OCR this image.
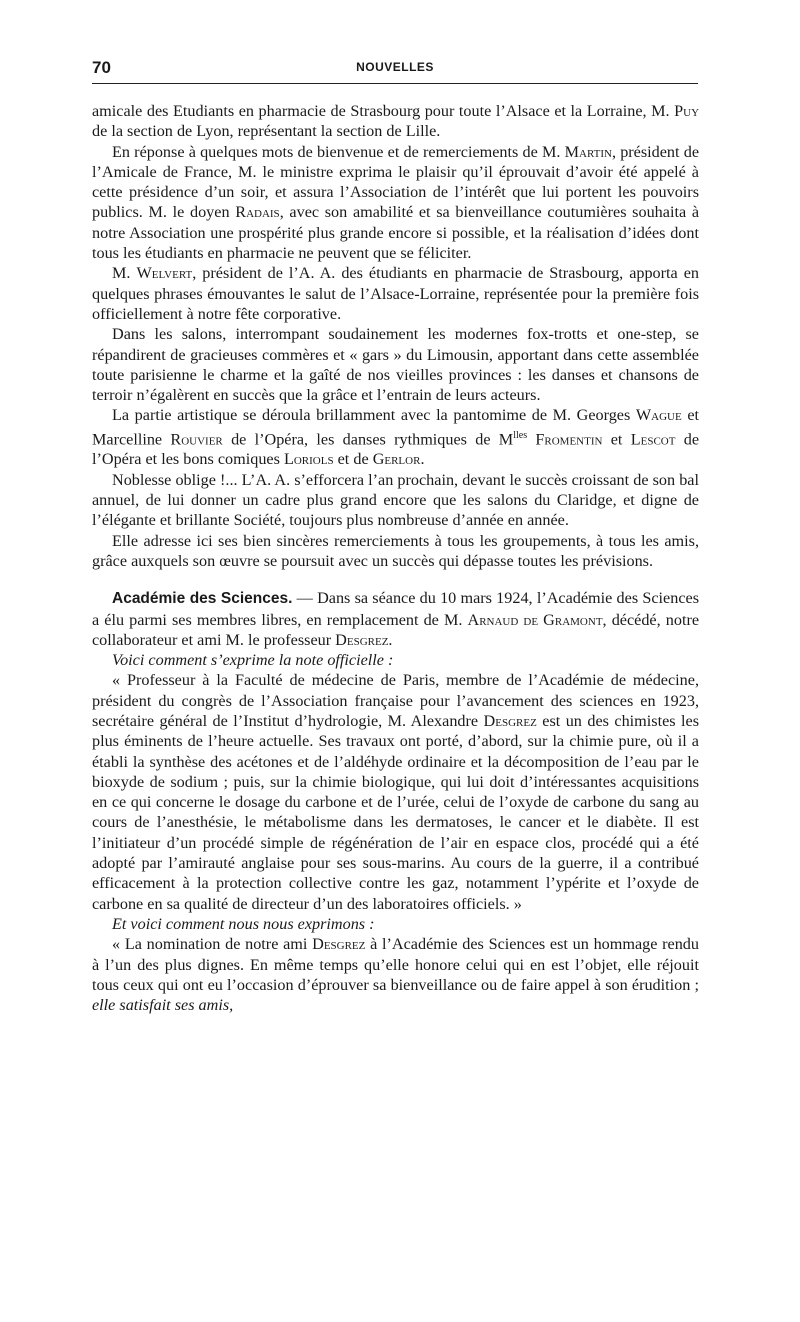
70	NOUVELLES

amicale des Etudiants en pharmacie de Strasbourg pour toute l’Alsace et la Lorraine, M. Puy de la section de Lyon, représentant la section de Lille.

En réponse à quelques mots de bienvenue et de remerciements de M. Martin, président de l’Amicale de France, M. le ministre exprima le plaisir qu’il éprouvait d’avoir été appelé à cette présidence d’un soir, et assura l’Association de l’intérêt que lui portent les pouvoirs publics. M. le doyen Radais, avec son amabilité et sa bienveillance coutumières souhaita à notre Association une prospérité plus grande encore si possible, et la réalisation d’idées dont tous les étudiants en pharmacie ne peuvent que se féliciter.

M. Welvert, président de l’A. A. des étudiants en pharmacie de Strasbourg, apporta en quelques phrases émouvantes le salut de l’Alsace-Lorraine, représentée pour la première fois officiellement à notre fête corporative.

Dans les salons, interrompant soudainement les modernes fox-trotts et one-step, se répandirent de gracieuses commères et « gars » du Limousin, apportant dans cette assemblée toute parisienne le charme et la gaîté de nos vieilles provinces : les danses et chansons de terroir n’égalèrent en succès que la grâce et l’entrain de leurs acteurs.

La partie artistique se déroula brillamment avec la pantomime de M. Georges Wague et Marcelline Rouvier de l’Opéra, les danses rythmiques de $M^{lles}$ Fromentin et Lescot de l’Opéra et les bons comiques Loriols et de Gerlor.

Noblesse oblige !... L’A. A. s’efforcera l’an prochain, devant le succès croissant de son bal annuel, de lui donner un cadre plus grand encore que les salons du Claridge, et digne de l’élégante et brillante Société, toujours plus nombreuse d’année en année.

Elle adresse ici ses bien sincères remerciements à tous les groupements, à tous les amis, grâce auxquels son œuvre se poursuit avec un succès qui dépasse toutes les prévisions.

Académie des Sciences. — Dans sa séance du 10 mars 1924, l’Académie des Sciences a élu parmi ses membres libres, en remplacement de M. Arnaud de Gramont, décédé, notre collaborateur et ami M. le professeur Desgrez.

Voici comment s’exprime la note officielle :

« Professeur à la Faculté de médecine de Paris, membre de l’Académie de médecine, président du congrès de l’Association française pour l’avancement des sciences en 1923, secrétaire général de l’Institut d’hydrologie, M. Alexandre Desgrez est un des chimistes les plus éminents de l’heure actuelle. Ses travaux ont porté, d’abord, sur la chimie pure, où il a établi la synthèse des acétones et de l’aldéhyde ordinaire et la décomposition de l’eau par le bioxyde de sodium ; puis, sur la chimie biologique, qui lui doit d’intéressantes acquisitions en ce qui concerne le dosage du carbone et de l’urée, celui de l’oxyde de carbone du sang au cours de l’anesthésie, le métabolisme dans les dermatoses, le cancer et le diabète. Il est l’initiateur d’un procédé simple de régénération de l’air en espace clos, procédé qui a été adopté par l’amirauté anglaise pour ses sous-marins. Au cours de la guerre, il a contribué efficacement à la protection collective contre les gaz, notamment l’ypérite et l’oxyde de carbone en sa qualité de directeur d’un des laboratoires officiels. »

Et voici comment nous nous exprimons :

« La nomination de notre ami Desgrez à l’Académie des Sciences est un hommage rendu à l’un des plus dignes. En même temps qu’elle honore celui qui en est l’objet, elle réjouit tous ceux qui ont eu l’occasion d’éprouver sa bienveillance ou de faire appel à son érudition ; elle satisfait ses amis,
